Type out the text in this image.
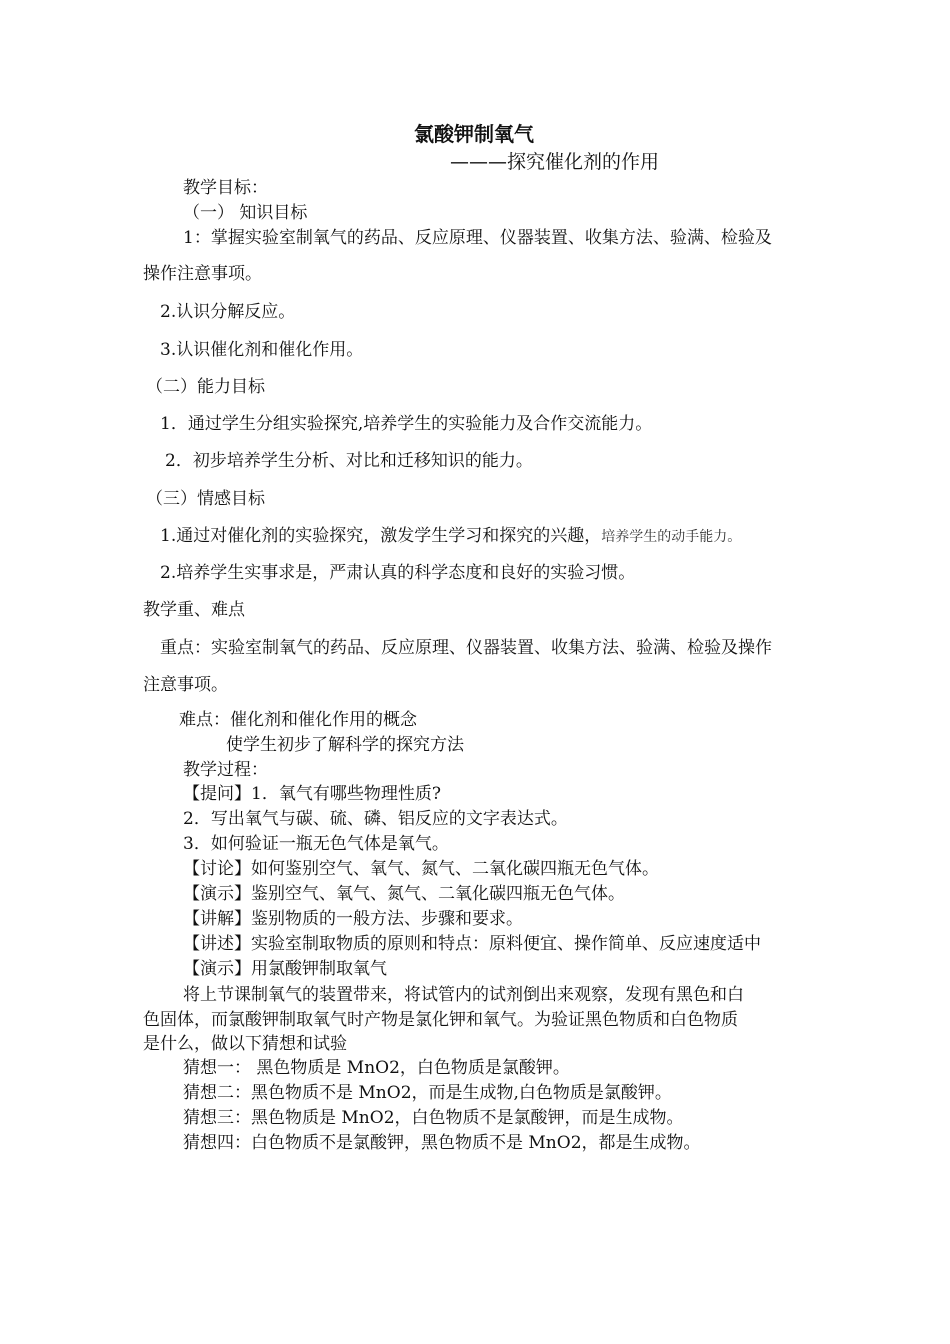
氯酸钾制氧气
———探究催化剂的作用
教学目标：
（一） 知识目标
1：掌握实验室制氧气的药品、反应原理、仪器装置、收集方法、验满、检验及
操作注意事项。
2.认识分解反应。
3.认识催化剂和催化作用。
（二）能力目标
1．通过学生分组实验探究,培养学生的实验能力及合作交流能力。
2．初步培养学生分析、对比和迁移知识的能力。
（三）情感目标
1.通过对催化剂的实验探究，激发学生学习和探究的兴趣，培养学生的动手能力。
2.培养学生实事求是，严肃认真的科学态度和良好的实验习惯。
教学重、难点
重点：实验室制氧气的药品、反应原理、仪器装置、收集方法、验满、检验及操作
注意事项。
难点：催化剂和催化作用的概念
使学生初步了解科学的探究方法
教学过程：
【提问】1．氧气有哪些物理性质?
2．写出氧气与碳、硫、磷、铝反应的文字表达式。
3．如何验证一瓶无色气体是氧气。
【讨论】如何鉴别空气、氧气、氮气、二氧化碳四瓶无色气体。
【演示】鉴别空气、氧气、氮气、二氧化碳四瓶无色气体。
【讲解】鉴别物质的一般方法、步骤和要求。
【讲述】实验室制取物质的原则和特点：原料便宜、操作简单、反应速度适中
【演示】用氯酸钾制取氧气
将上节课制氧气的装置带来，将试管内的试剂倒出来观察，发现有黑色和白
色固体，而氯酸钾制取氧气时产物是氯化钾和氧气。为验证黑色物质和白色物质
是什么，做以下猜想和试验
猜想一： 黑色物质是 MnO2，白色物质是氯酸钾。
猜想二：黑色物质不是 MnO2，而是生成物,白色物质是氯酸钾。
猜想三：黑色物质是 MnO2，白色物质不是氯酸钾，而是生成物。
猜想四：白色物质不是氯酸钾，黑色物质不是 MnO2，都是生成物。
